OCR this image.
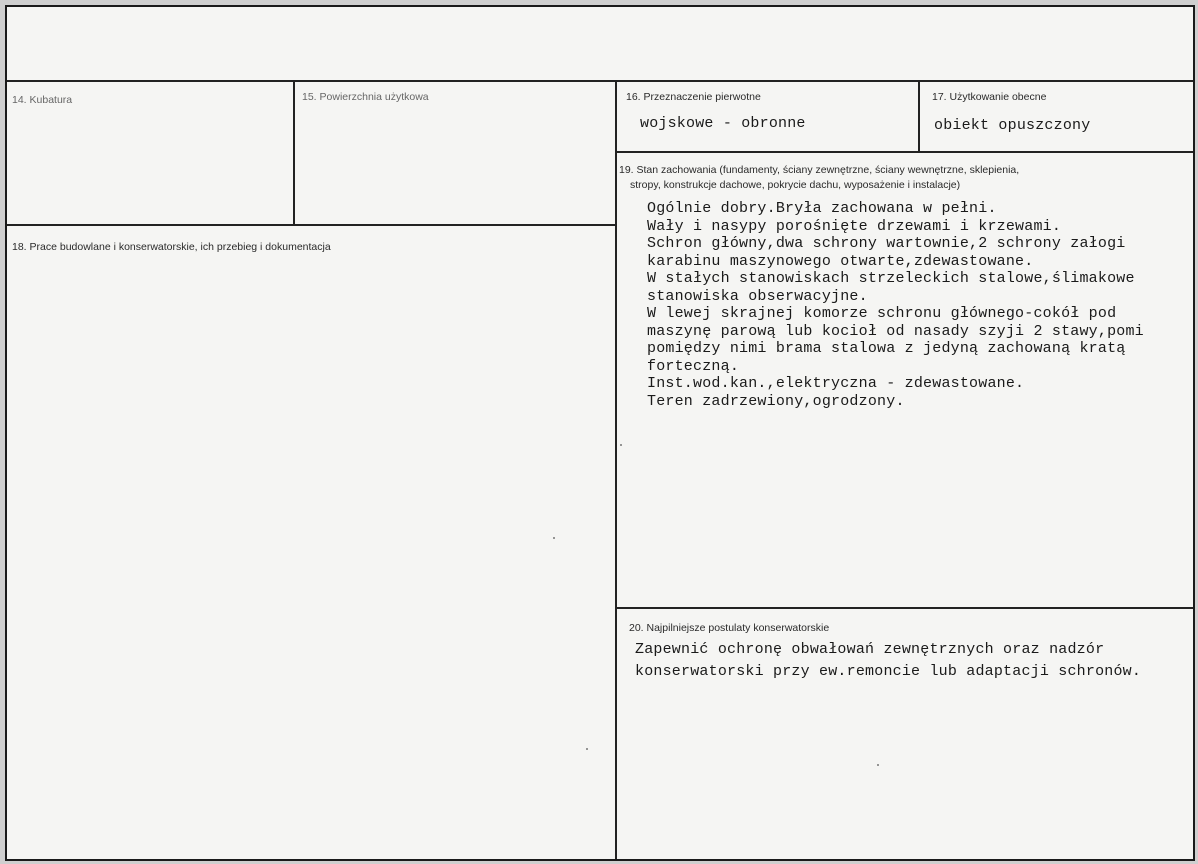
14. Kubatura	15. Powierzchnia użytkowa	16. Przeznaczenie pierwotne
wojskowe - obronne
17. Użytkowanie obecne
obiekt opuszczony
18. Prace budowlane i konserwatorskie, ich przebieg i dokumentacja
19. Stan zachowania (fundamenty, ściany zewnętrzne, ściany wewnętrzne, sklepienia,
stropy, konstrukcje dachowe, pokrycie dachu, wyposażenie i instalacje)
Ogólnie dobry.Bryła zachowana w pełni.
Wały i nasypy porośnięte drzewami i krzewami.
Schron główny,dwa schrony wartownie,2 schrony załogi
karabinu maszynowego otwarte,zdewastowane.
W stałych stanowiskach strzeleckich stalowe,ślimakowe
stanowiska obserwacyjne.
W lewej skrajnej komorze schronu głównego-cokół pod
maszynę parową lub kocioł od nasady szyji 2 stawy,pomi
pomiędzy nimi brama stalowa z jedyną zachowaną kratą
forteczną.
Inst.wod.kan.,elektryczna - zdewastowane.
Teren zadrzewiony,ogrodzony.
20. Najpilniejsze postulaty konserwatorskie
Zapewnić ochronę obwałowań zewnętrznych oraz nadzór
konserwatorski przy ew.remoncie lub adaptacji schronów.
